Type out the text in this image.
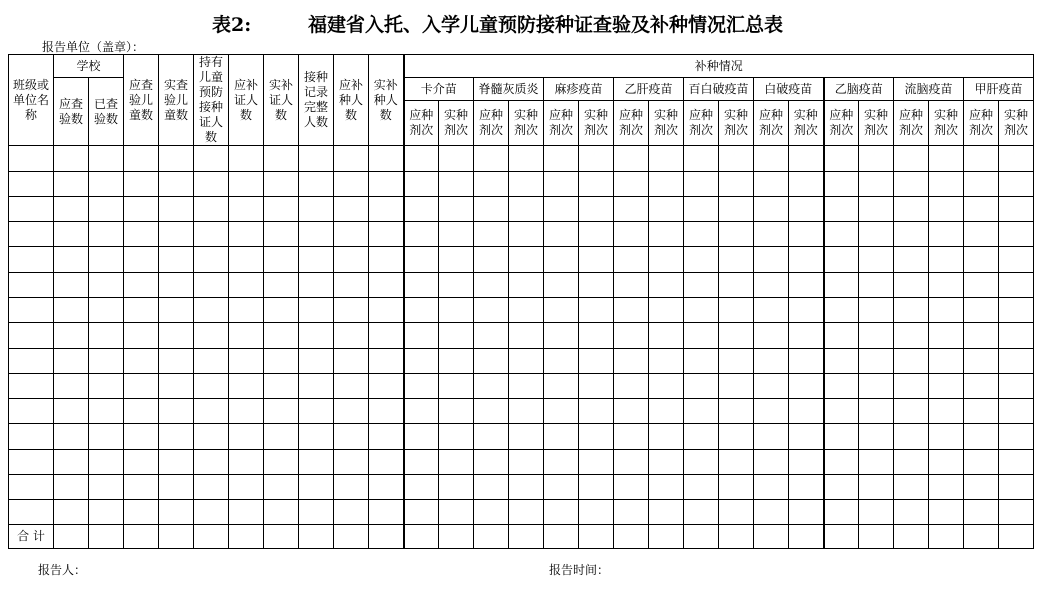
表2:	福建省入托、入学儿童预防接种证查验及补种情况汇总表
报告单位（盖章）：
班级或单位名称	学校		应查验儿童数	实查验儿童数	持有儿童预防接种证人数	应补证人数	实补证人数	接种记录完整人数	应补种人数	实补种人数	补种情况																	
	应查验数	已查验数									卡介苗		脊髓灰质炎		麻疹疫苗		乙肝疫苗		百白破疫苗		白破疫苗		乙脑疫苗		流脑疫苗		甲肝疫苗	
											应种剂次	实种剂次	应种剂次	实种剂次	应种剂次	实种剂次	应种剂次	实种剂次	应种剂次	实种剂次	应种剂次	实种剂次	应种剂次	实种剂次	应种剂次	实种剂次	应种剂次	实种剂次

合 计																												
报告人：	报告时间：
